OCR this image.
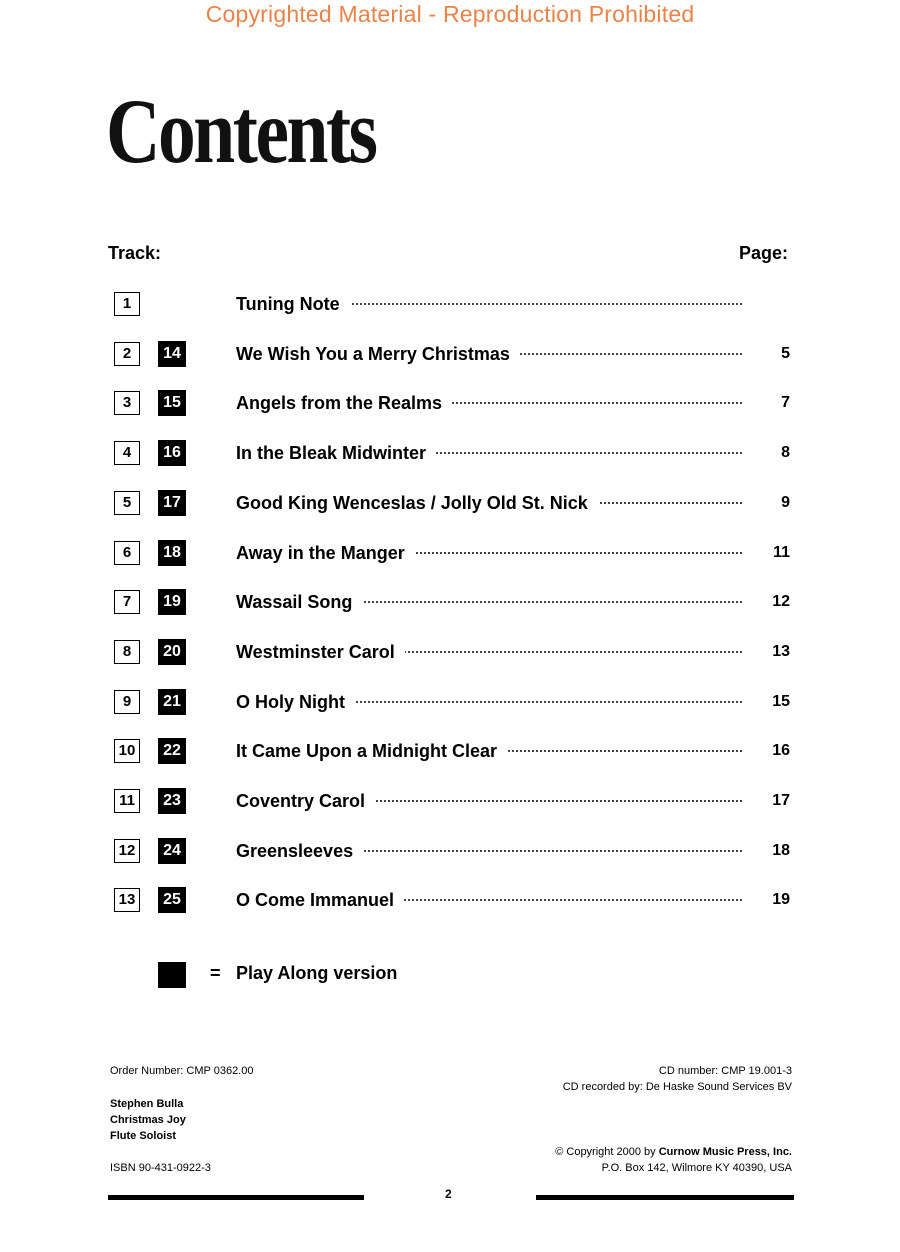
Copyrighted Material - Reproduction Prohibited
Contents
Track:	Page:
1	Tuning Note
2	14	We Wish You a Merry Christmas	5
3	15	Angels from the Realms	7
4	16	In the Bleak Midwinter	8
5	17	Good King Wenceslas / Jolly Old St. Nick	9
6	18	Away in the Manger	11
7	19	Wassail Song	12
8	20	Westminster Carol	13
9	21	O Holy Night	15
10	22	It Came Upon a Midnight Clear	16
11	23	Coventry Carol	17
12	24	Greensleeves	18
13	25	O Come Immanuel	19
= Play Along version
Order Number: CMP 0362.00
Stephen Bulla
Christmas Joy
Flute Soloist
ISBN 90-431-0922-3
CD number: CMP 19.001-3
CD recorded by: De Haske Sound Services BV
© Copyright 2000 by Curnow Music Press, Inc.
P.O. Box 142, Wilmore KY 40390, USA
2
